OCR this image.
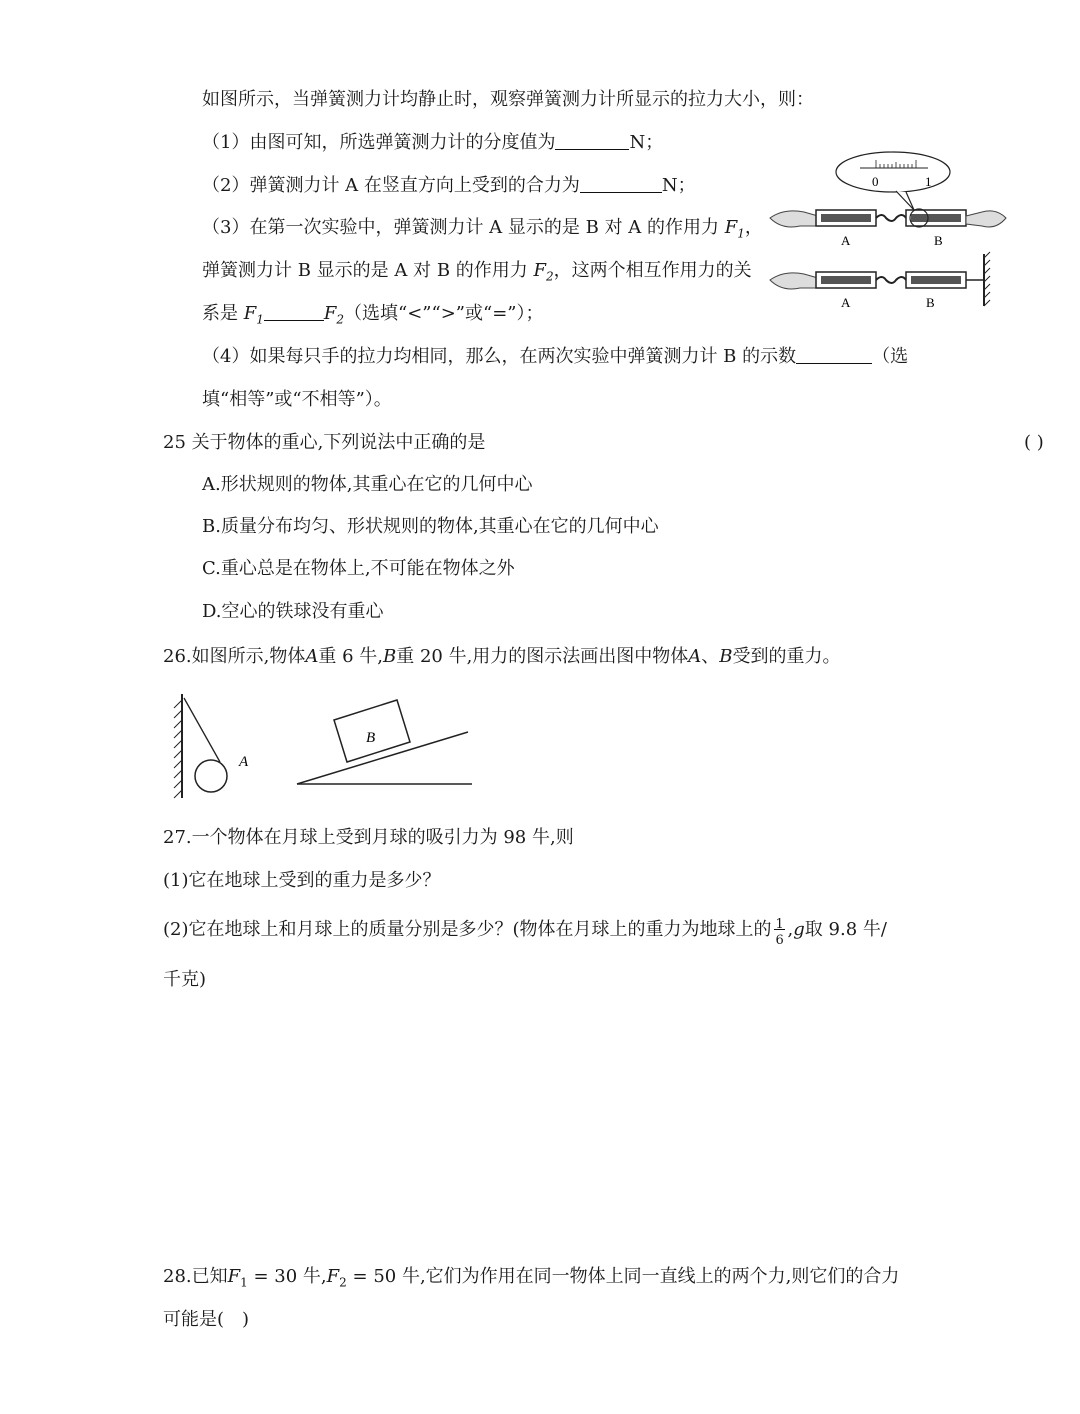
如图所示，当弹簧测力计均静止时，观察弹簧测力计所显示的拉力大小，则：
（1）由图可知，所选弹簧测力计的分度值为	N；
（2）弹簧测力计 A 在竖直方向上受到的合力为	N；
（3）在第一次实验中，弹簧测力计 A 显示的是 B 对 A 的作用力 $F_1$，
弹簧测力计 B 显示的是 A 对 B 的作用力 $F_2$，这两个相互作用力的关
系是 $F_1$	$F_2$（选填“<”“>”或“=”）；
（4）如果每只手的拉力均相同，那么，在两次实验中弹簧测力计 B 的示数	（选
填“相等”或“不相等”）。
0	1
A	B
A	B
25 关于物体的重心,下列说法中正确的是	( )
A.形状规则的物体,其重心在它的几何中心
B.质量分布均匀、形状规则的物体,其重心在它的几何中心
C.重心总是在物体上,不可能在物体之外
D.空心的铁球没有重心
26.如图所示,物体A重 6 牛,B重 20 牛,用力的图示法画出图中物体A、B受到的重力。
A
B
27.一个物体在月球上受到月球的吸引力为 98 牛,则
(1)它在地球上受到的重力是多少？
(2)它在地球上和月球上的质量分别是多少？(物体在月球上的重力为地球上的 1
6
,g取 9.8 牛/
千克)
28.已知$F_1 = 30$ 牛$,F_2 = 50$ 牛,它们为作用在同一物体上同一直线上的两个力,则它们的合力
可能是(　)
